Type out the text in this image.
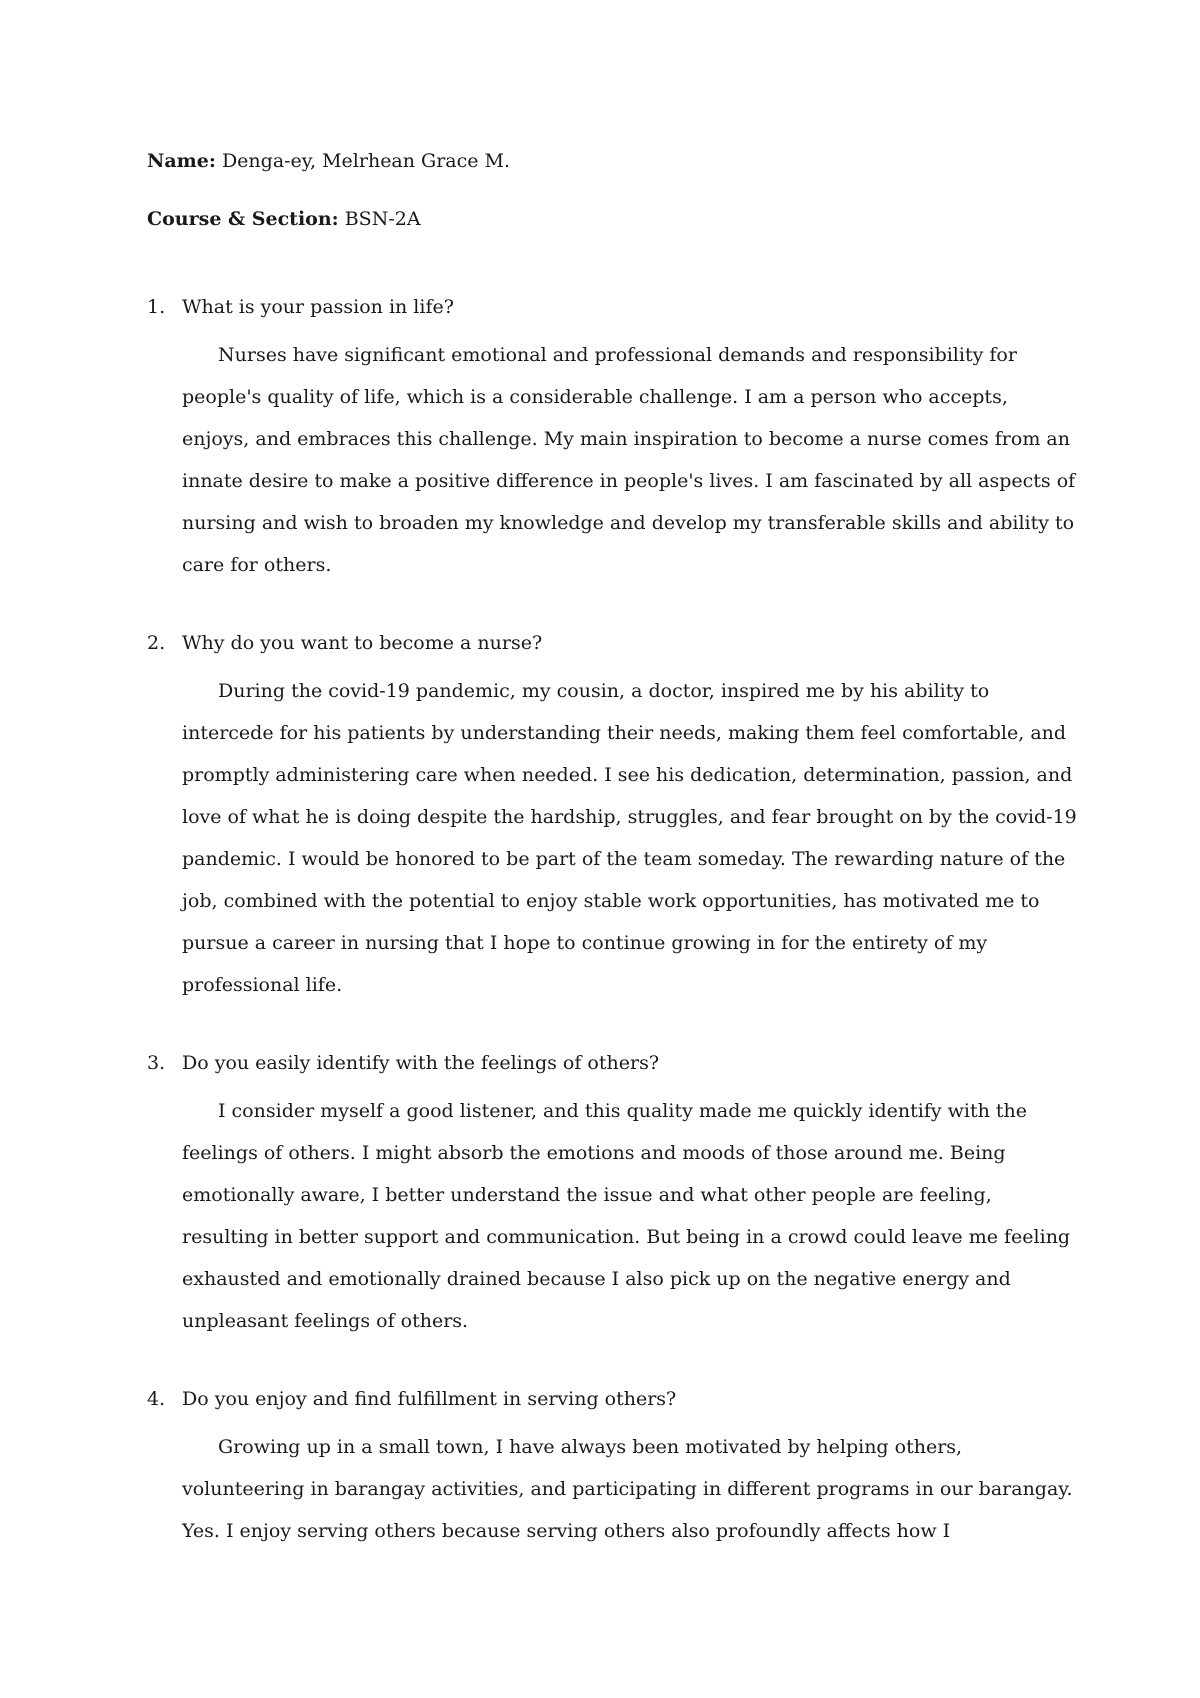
Name: Denga-ey, Melrhean Grace M.
Course & Section: BSN-2A
1. What is your passion in life?

Nurses have significant emotional and professional demands and responsibility for people's quality of life, which is a considerable challenge. I am a person who accepts, enjoys, and embraces this challenge. My main inspiration to become a nurse comes from an innate desire to make a positive difference in people's lives. I am fascinated by all aspects of nursing and wish to broaden my knowledge and develop my transferable skills and ability to care for others.

2. Why do you want to become a nurse?

During the covid-19 pandemic, my cousin, a doctor, inspired me by his ability to intercede for his patients by understanding their needs, making them feel comfortable, and promptly administering care when needed. I see his dedication, determination, passion, and love of what he is doing despite the hardship, struggles, and fear brought on by the covid-19 pandemic. I would be honored to be part of the team someday. The rewarding nature of the job, combined with the potential to enjoy stable work opportunities, has motivated me to pursue a career in nursing that I hope to continue growing in for the entirety of my professional life.

3. Do you easily identify with the feelings of others?

I consider myself a good listener, and this quality made me quickly identify with the feelings of others. I might absorb the emotions and moods of those around me. Being emotionally aware, I better understand the issue and what other people are feeling, resulting in better support and communication. But being in a crowd could leave me feeling exhausted and emotionally drained because I also pick up on the negative energy and unpleasant feelings of others.

4. Do you enjoy and find fulfillment in serving others?

Growing up in a small town, I have always been motivated by helping others, volunteering in barangay activities, and participating in different programs in our barangay. Yes. I enjoy serving others because serving others also profoundly affects how I
